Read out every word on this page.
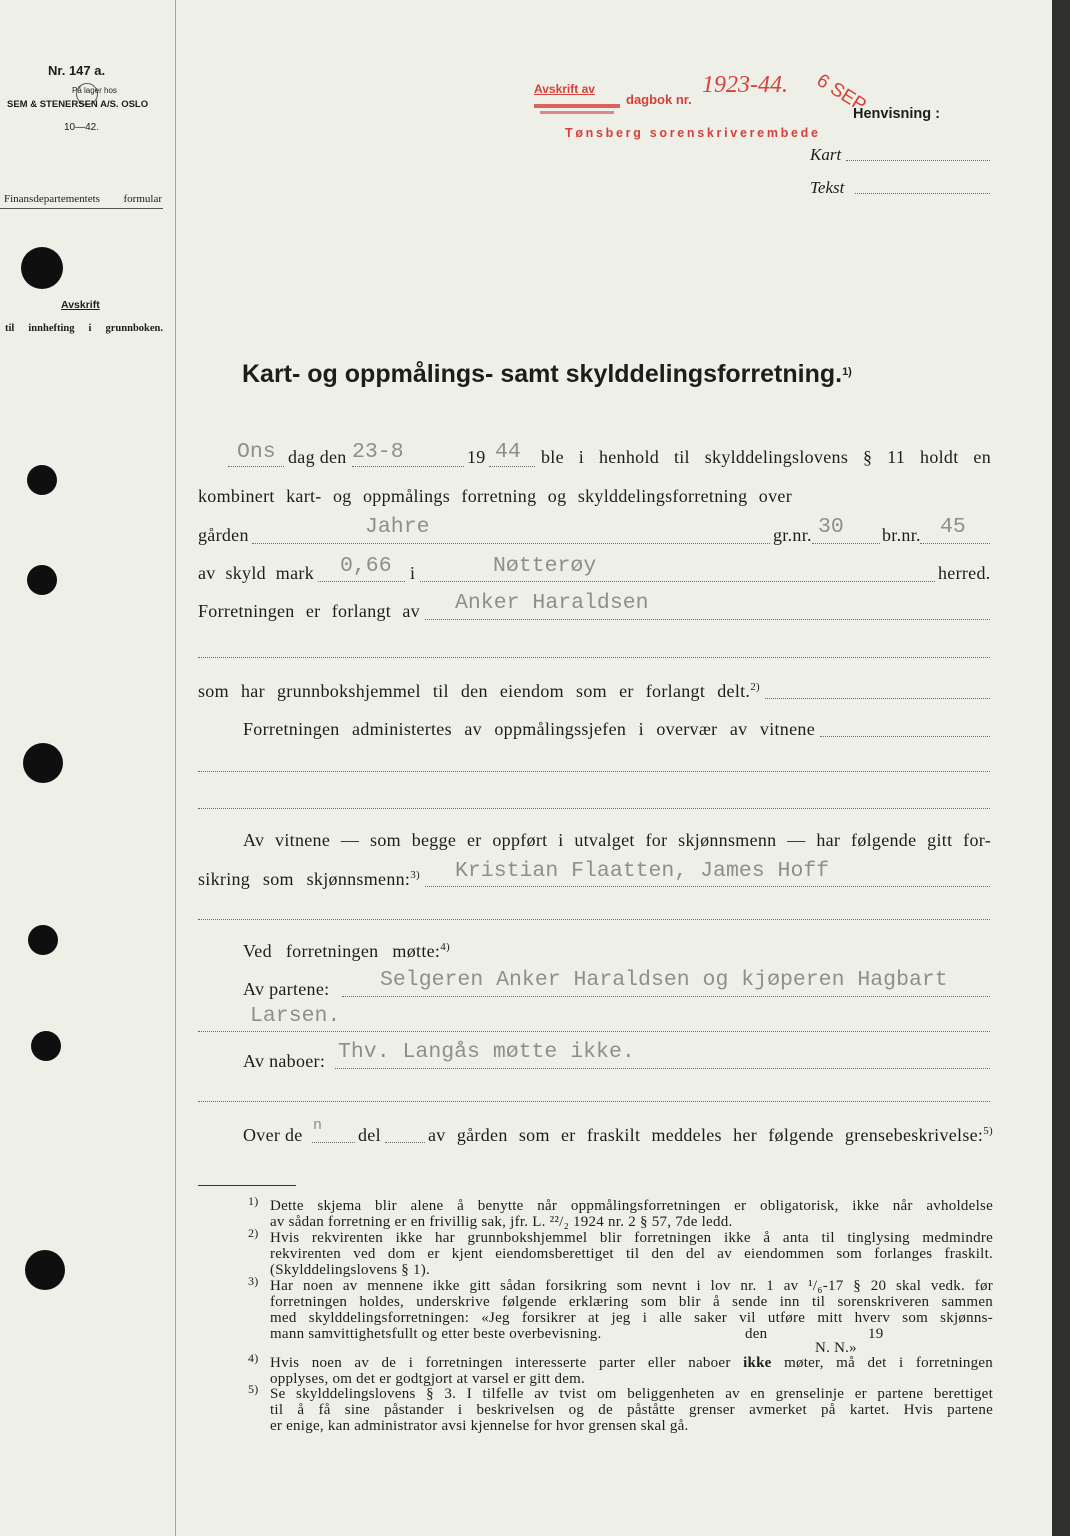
Nr. 147 a.
På lager hos
SEM & STENERSEN A/S. OSLO
10—42.
Finansdepartementets formular
Avskrift
til innhefting i grunnboken.
Avskrift av
dagbok nr.
1923-44. 6 SEP
Tønsberg sorenskriverembede
Henvisning :
Kart
Tekst
Kart- og oppmålings- samt skylddelingsforretning.$^{1)}$
Ons dag den 23-8	19 44 ble i henhold til skylddelingslovens § 11 holdt en
kombinert kart- og oppmålings forretning og skylddelingsforretning over
gården	Jahre	gr.nr. 30 br.nr. 45
av skyld mark 0,66 i	Nøtterøy	herred.
Forretningen er forlangt av Anker Haraldsen
som har grunnbokshjemmel til den eiendom som er forlangt delt.$^{2)}$
Forretningen administertes av oppmålingssjefen i overvær av vitnene
Av vitnene — som begge er oppført i utvalget for skjønnsmenn — har følgende gitt for-
sikring som skjønnsmenn:$^{3)}$ Kristian Flaatten, James Hoff
Ved forretningen møtte:$^{4)}$
Av partene: Selgeren Anker Haraldsen og kjøperen Hagbart
Larsen.
Av naboer: Thv. Langås møtte ikke.
Over de n del	av gården som er fraskilt meddeles her følgende grensebeskrivelse:$^{5)}$
1) Dette skjema blir alene å benytte når oppmålingsforretningen er obligatorisk, ikke når avholdelse
av sådan forretning er en frivillig sak, jfr. L. ²²/₂ 1924 nr. 2 § 57, 7de ledd.
2) Hvis rekvirenten ikke har grunnbokshjemmel blir forretningen ikke å anta til tinglysing medmindre
rekvirenten ved dom er kjent eiendomsberettiget til den del av eiendommen som forlanges fraskilt.
(Skylddelingslovens § 1).
3) Har noen av mennene ikke gitt sådan forsikring som nevnt i lov nr. 1 av ¹/₆-17 § 20 skal vedk. før
forretningen holdes, underskrive følgende erklæring som blir å sende inn til sorenskriveren sammen
med skylddelingsforretningen: «Jeg forsikrer at jeg i alle saker vil utføre mitt hverv som skjønns-
mann samvittighetsfullt og etter beste overbevisning.	den	19
N. N.»
4) Hvis noen av de i forretningen interesserte parter eller naboer ikke møter, må det i forretningen
opplyses, om det er godtgjort at varsel er gitt dem.
5) Se skylddelingslovens § 3. I tilfelle av tvist om beliggenheten av en grenselinje er partene berettiget
til å få sine påstander i beskrivelsen og de påståtte grenser avmerket på kartet. Hvis partene
er enige, kan administrator avsi kjennelse for hvor grensen skal gå.
